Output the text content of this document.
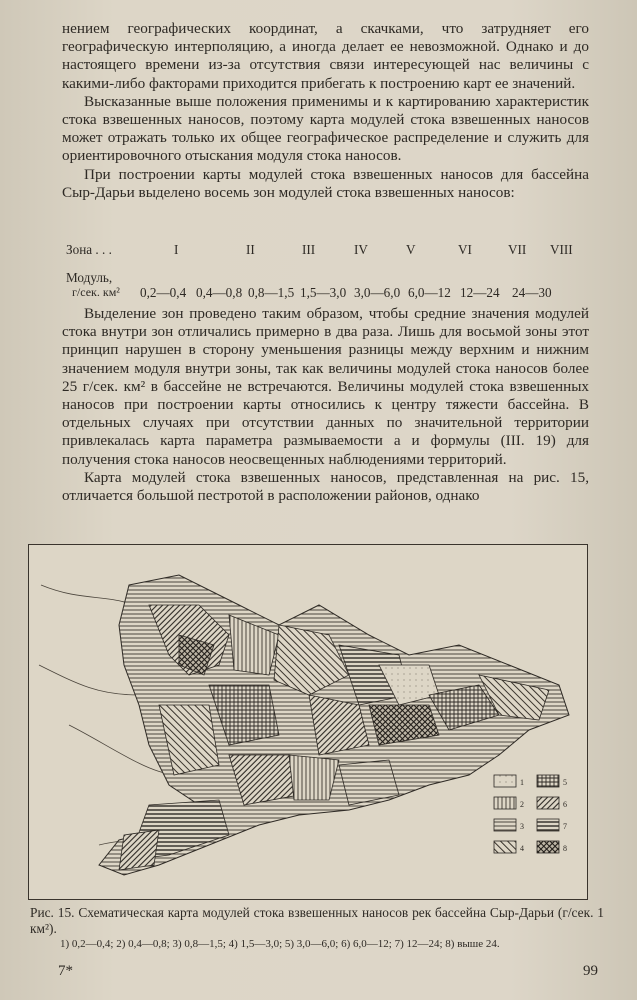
нением географических координат, а скачками, что затрудняет его географическую интерполяцию, а иногда делает ее невозможной. Однако и до настоящего времени из-за отсутствия связи интересующей нас величины с какими-либо факторами приходится прибегать к построению карт ее значений.

Высказанные выше положения применимы и к картированию характеристик стока взвешенных наносов, поэтому карта модулей стока взвешенных наносов может отражать только их общее географическое распределение и служить для ориентировочного отыскания модуля стока наносов.

При построении карты модулей стока взвешенных наносов для бассейна Сыр-Дарьи выделено восемь зон модулей стока взвешенных наносов:

Зона . . .	I	II	III	IV	V	VI	VII VIII
Модуль,
г/сек. км² 0,2—0,4 0,4—0,8 0,8—1,5 1,5—3,0 3,0—6,0 6,0—12 12—24 24—30

Выделение зон проведено таким образом, чтобы средние значения модулей стока внутри зон отличались примерно в два раза. Лишь для восьмой зоны этот принцип нарушен в сторону уменьшения разницы между верхним и нижним значением модуля внутри зоны, так как величины модулей стока наносов более 25 г/сек. км² в бассейне не встречаются. Величины модулей стока взвешенных наносов при построении карты относились к центру тяжести бассейна. В отдельных случаях при отсутствии данных по значительной территории привлекалась карта параметра размываемости a и формулы (III. 19) для получения стока наносов неосвещенных наблюдениями территорий.

Карта модулей стока взвешенных наносов, представленная на рис. 15, отличается большой пестротой в расположении районов, однако

1	5
2	6
3	7
4	8
Рис. 15. Схематическая карта модулей стока взвешенных наносов рек бассейна Сыр-Дарьи (г/сек. 1 км²).
1) 0,2—0,4; 2) 0,4—0,8; 3) 0,8—1,5; 4) 1,5—3,0; 5) 3,0—6,0; 6) 6,0—12; 7) 12—24; 8) выше 24.
7*	99
